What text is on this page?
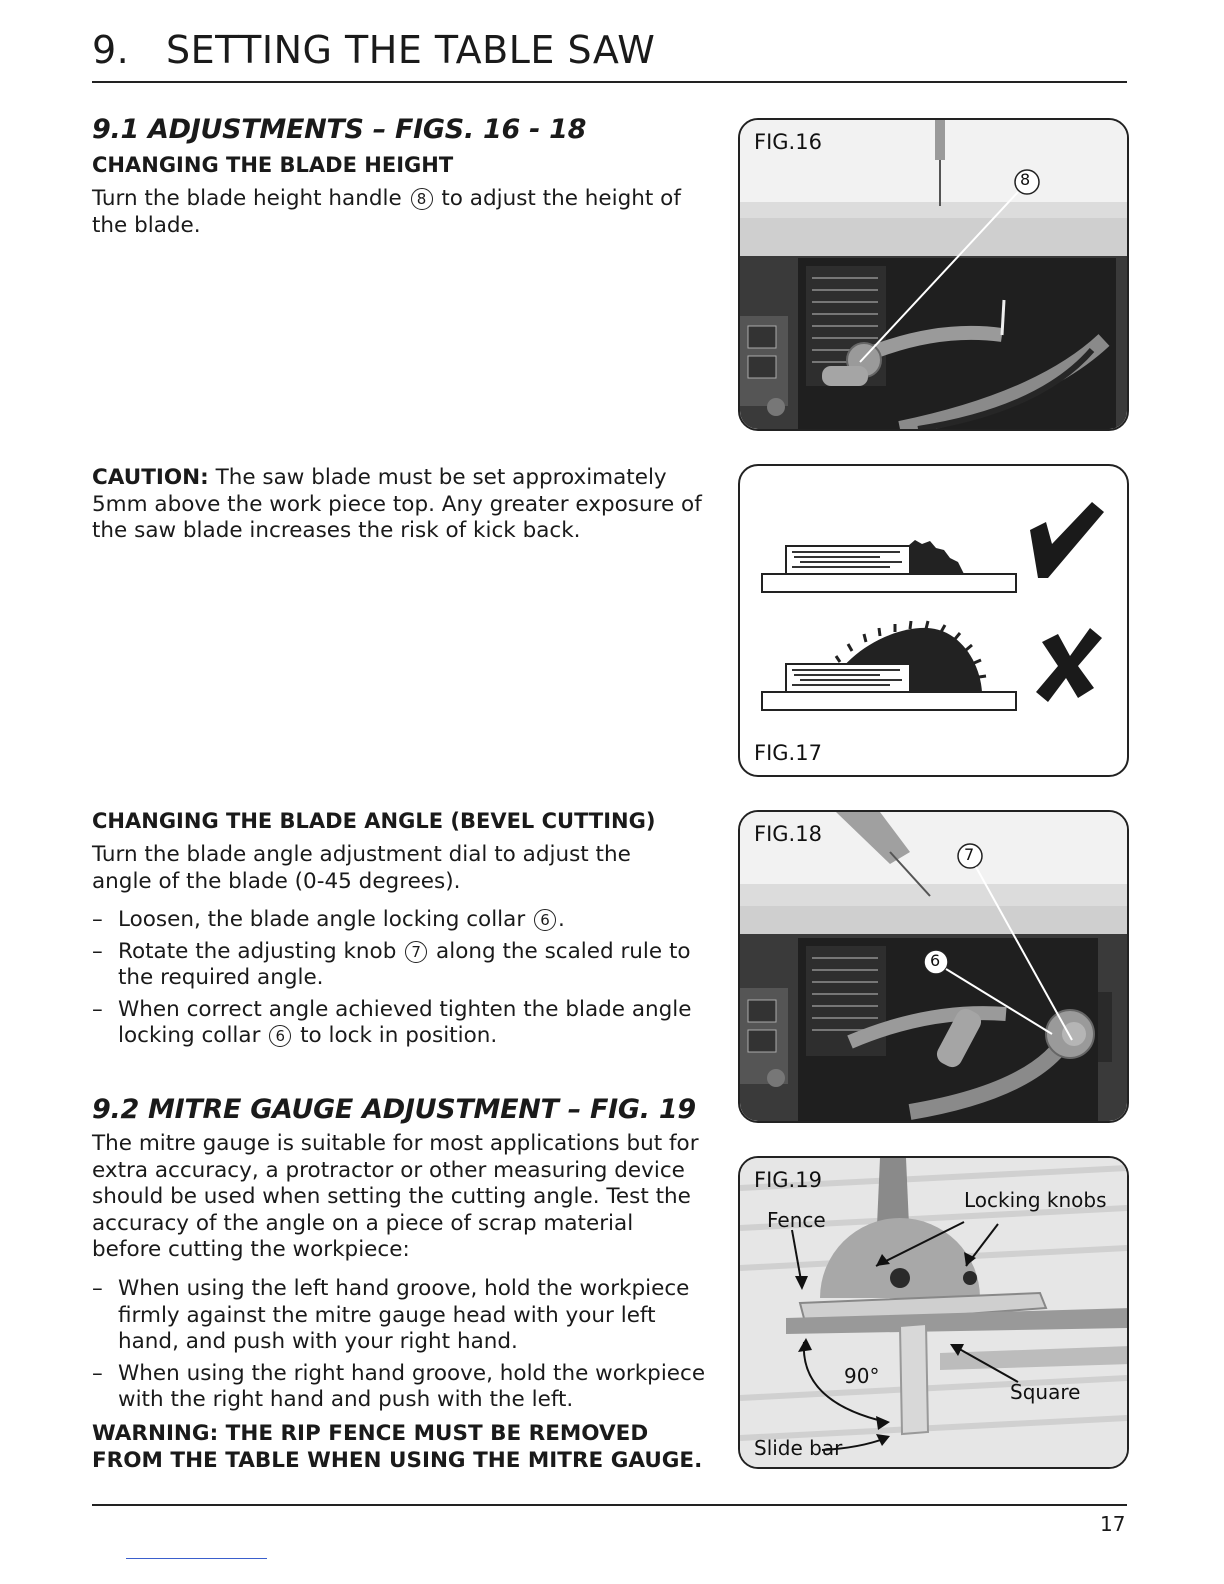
9. SETTING THE TABLE SAW
9.1 ADJUSTMENTS – FIGS. 16 - 18
CHANGING THE BLADE HEIGHT

Turn the blade height handle 8 to adjust the height of the blade.

CAUTION: The saw blade must be set approximately 5mm above the work piece top. Any greater exposure of the saw blade increases the risk of kick back.

CHANGING THE BLADE ANGLE (BEVEL CUTTING)

Turn the blade angle adjustment dial to adjust the angle of the blade (0-45 degrees).

– Loosen, the blade angle locking collar 6 .
– Rotate the adjusting knob 7 along the scaled rule to the required angle.
– When correct angle achieved tighten the blade angle locking collar 6 to lock in position.
9.2 MITRE GAUGE ADJUSTMENT – FIG. 19

The mitre gauge is suitable for most applications but for extra accuracy, a protractor or other measuring device should be used when setting the cutting angle. Test the accuracy of the angle on a piece of scrap material before cutting the workpiece:

– When using the left hand groove, hold the workpiece firmly against the mitre gauge head with your left hand, and push with your right hand.
– When using the right hand groove, hold the workpiece with the right hand and push with the left.

WARNING: THE RIP FENCE MUST BE REMOVED FROM THE TABLE WHEN USING THE MITRE GAUGE.

FIG.16
8
FIG.17
FIG.18
7
6
FIG.19
Locking knobs
Fence
90°
Square
Slide bar
17
